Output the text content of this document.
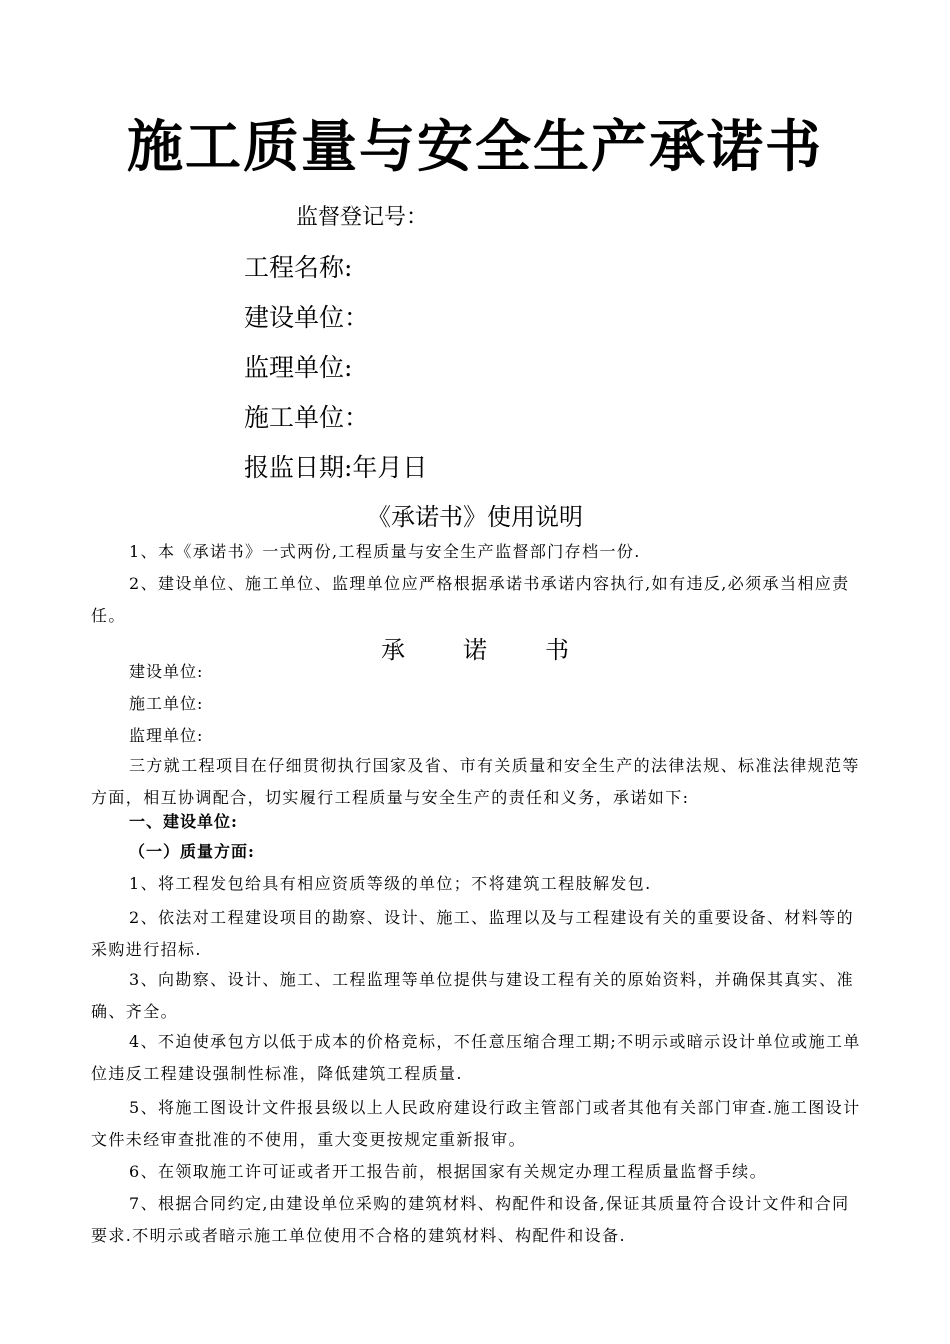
施工质量与安全生产承诺书
监督登记号：
工程名称:
建设单位：
监理单位:
施工单位：
报监日期:年月日
《承诺书》使用说明
1、本《承诺书》一式两份,工程质量与安全生产监督部门存档一份.
2、建设单位、施工单位、监理单位应严格根据承诺书承诺内容执行,如有违反,必须承当相应责任。
承诺书
建设单位:
施工单位:
监理单位:
三方就工程项目在仔细贯彻执行国家及省、市有关质量和安全生产的法律法规、标准法律规范等方面，相互协调配合，切实履行工程质量与安全生产的责任和义务，承诺如下:
一、建设单位:
（一）质量方面:
1、将工程发包给具有相应资质等级的单位；不将建筑工程肢解发包.
2、依法对工程建设项目的勘察、设计、施工、监理以及与工程建设有关的重要设备、材料等的采购进行招标.
3、向勘察、设计、施工、工程监理等单位提供与建设工程有关的原始资料，并确保其真实、准确、齐全。
4、不迫使承包方以低于成本的价格竞标，不任意压缩合理工期;不明示或暗示设计单位或施工单位违反工程建设强制性标准，降低建筑工程质量.
5、将施工图设计文件报县级以上人民政府建设行政主管部门或者其他有关部门审查.施工图设计文件未经审查批准的不使用，重大变更按规定重新报审。
6、在领取施工许可证或者开工报告前，根据国家有关规定办理工程质量监督手续。
7、根据合同约定,由建设单位采购的建筑材料、构配件和设备,保证其质量符合设计文件和合同要求.不明示或者暗示施工单位使用不合格的建筑材料、构配件和设备.
